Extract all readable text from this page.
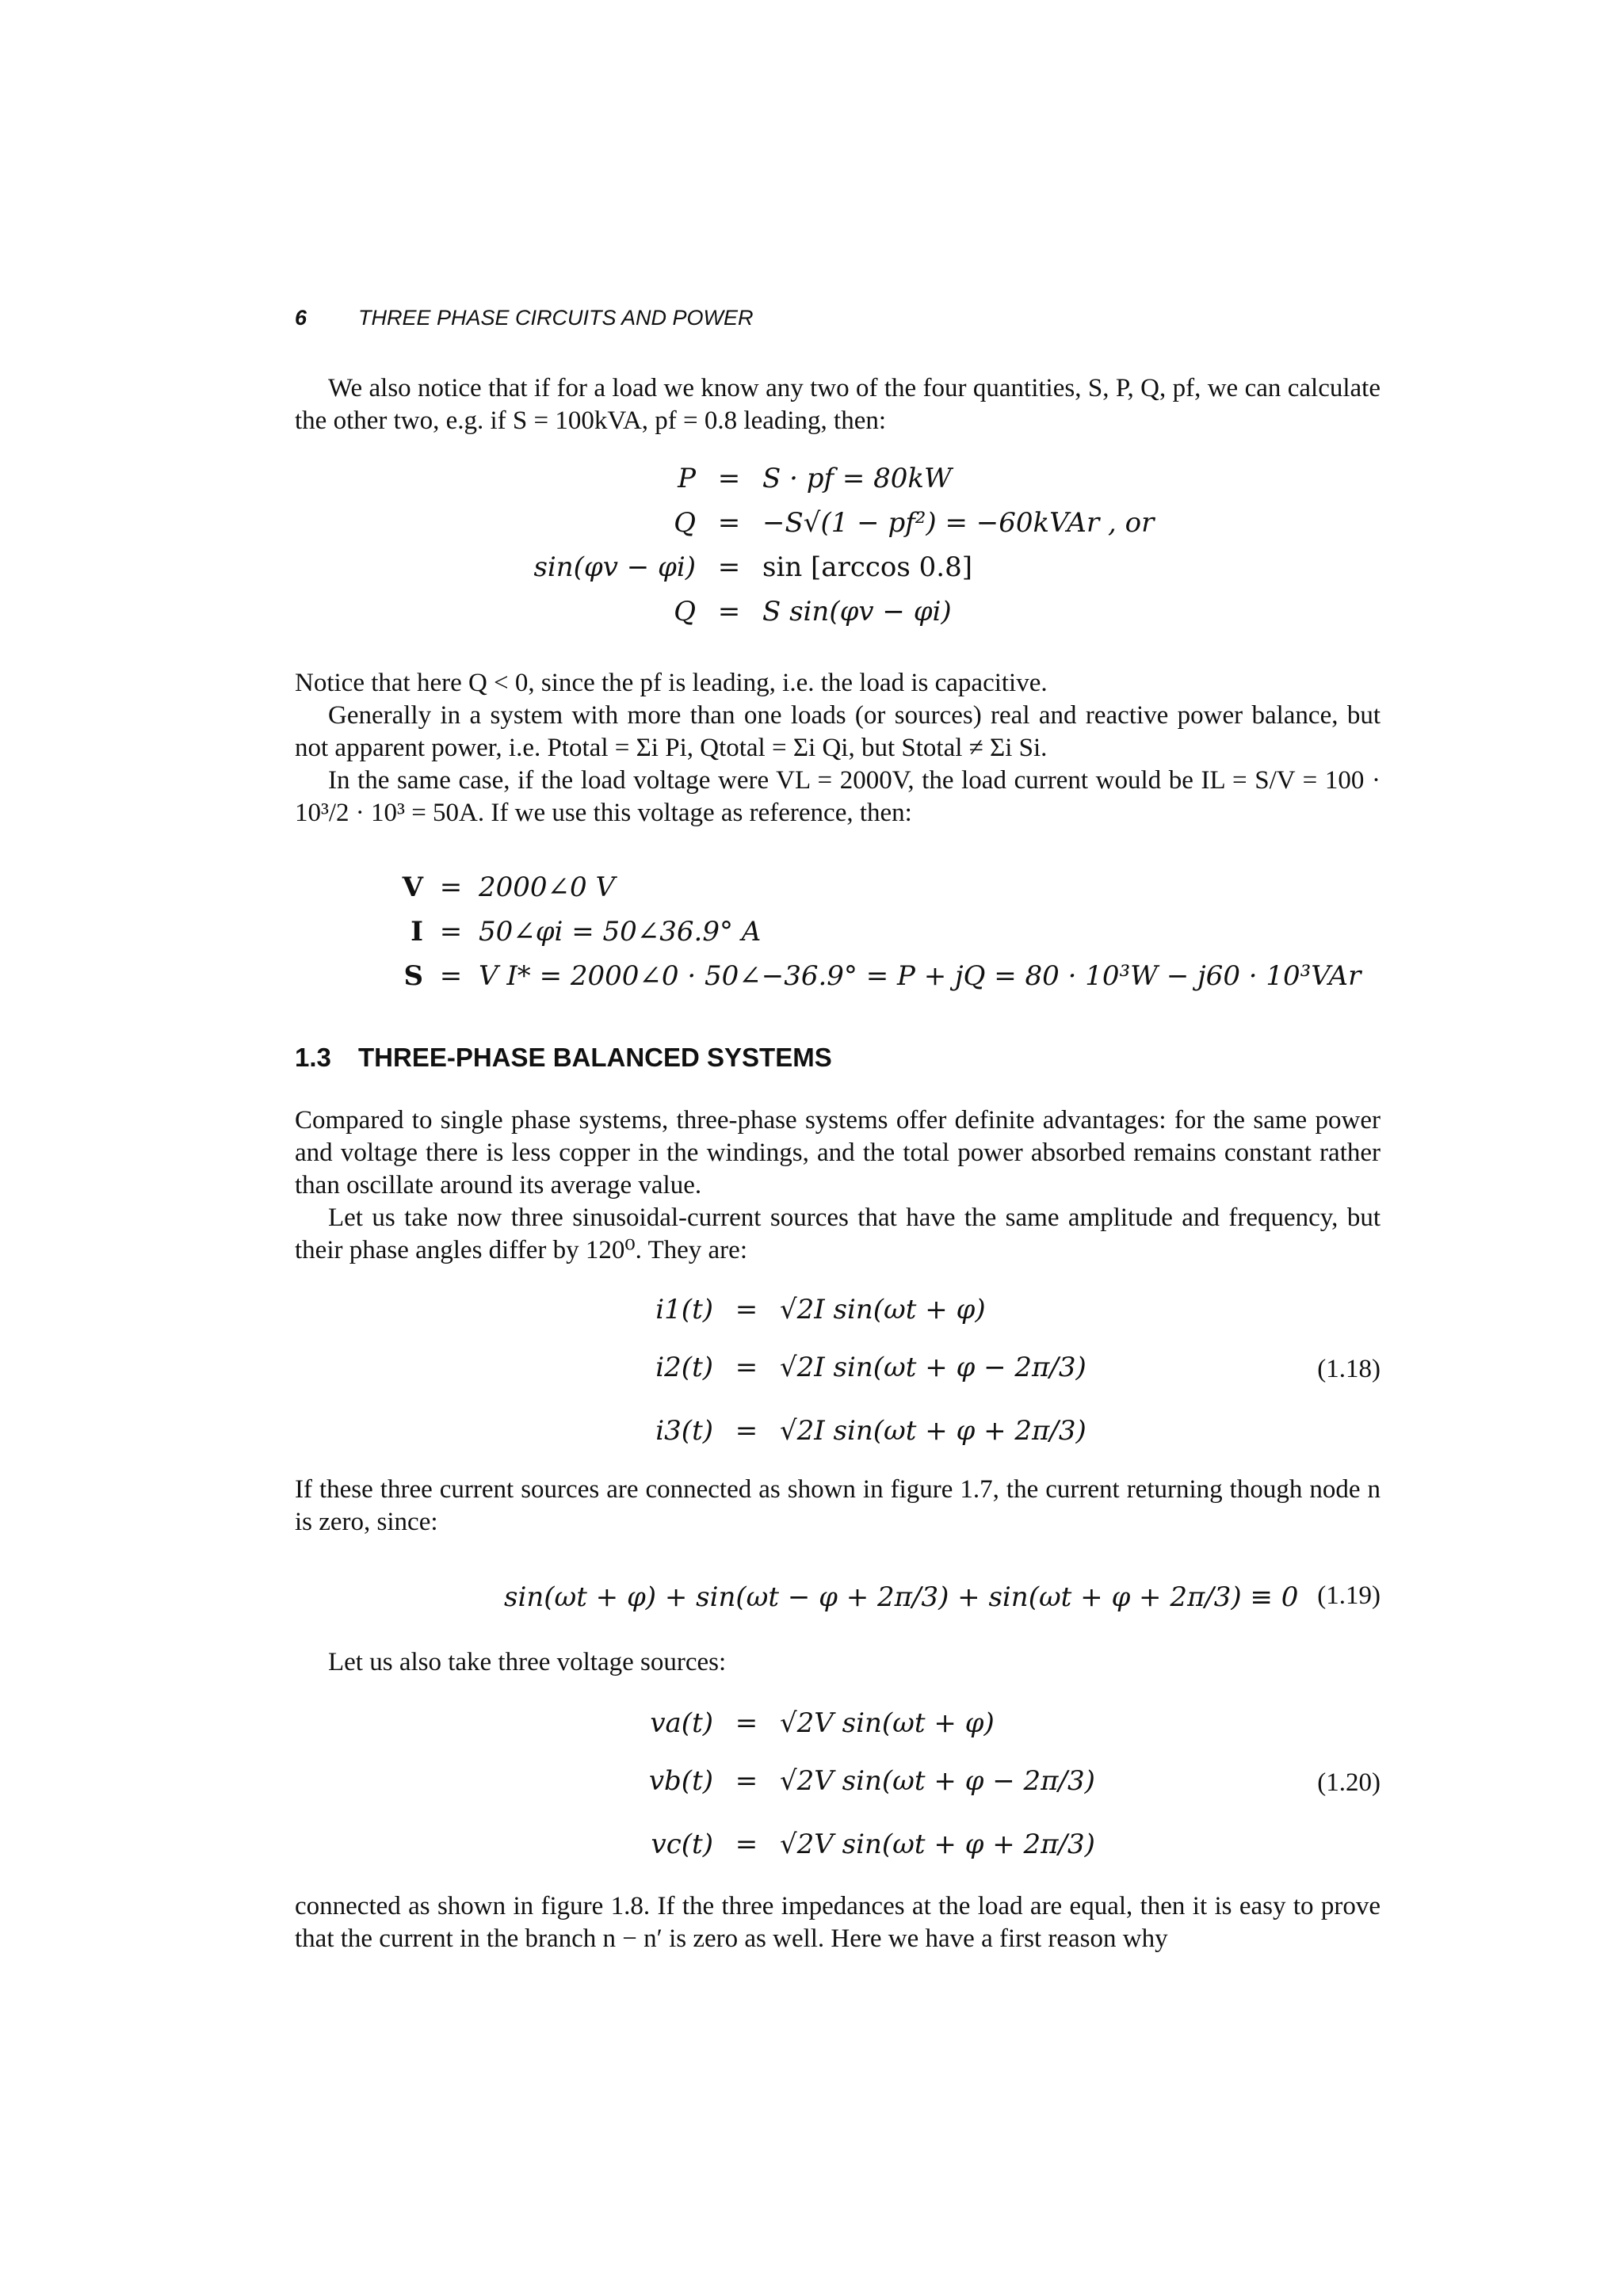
6 THREE PHASE CIRCUITS AND POWER
We also notice that if for a load we know any two of the four quantities, S, P, Q, pf, we can calculate the other two, e.g. if S = 100kVA, pf = 0.8 leading, then:
P	=	S · pf = 80kW
Q	=	−S√(1 − pf²) = −60kVAr , or
sin(φv − φi)	=	sin [arccos 0.8]
Q	=	S sin(φv − φi)
Notice that here Q < 0, since the pf is leading, i.e. the load is capacitive.
Generally in a system with more than one loads (or sources) real and reactive power balance, but not apparent power, i.e. Ptotal = Σi Pi, Qtotal = Σi Qi, but Stotal ≠ Σi Si.
In the same case, if the load voltage were VL = 2000V, the load current would be IL = S/V = 100 · 10³/2 · 10³ = 50A. If we use this voltage as reference, then:
V	=	2000∠0 V
I	=	50∠φi = 50∠36.9° A
S	=	V I* = 2000∠0 · 50∠−36.9° = P + jQ = 80 · 10³W − j60 · 10³VAr
1.3 THREE-PHASE BALANCED SYSTEMS
Compared to single phase systems, three-phase systems offer definite advantages: for the same power and voltage there is less copper in the windings, and the total power absorbed remains constant rather than oscillate around its average value.
Let us take now three sinusoidal-current sources that have the same amplitude and frequency, but their phase angles differ by 120⁰. They are:
i1(t)	=	√2I sin(ωt + φ)
i2(t)	=	√2I sin(ωt + φ − 2π/3)
i3(t)	=	√2I sin(ωt + φ + 2π/3)
(1.18)
If these three current sources are connected as shown in figure 1.7, the current returning though node n is zero, since:
sin(ωt + φ) + sin(ωt − φ + 2π/3) + sin(ωt + φ + 2π/3) ≡ 0 (1.19)
Let us also take three voltage sources:
va(t)	=	√2V sin(ωt + φ)
vb(t)	=	√2V sin(ωt + φ − 2π/3)
vc(t)	=	√2V sin(ωt + φ + 2π/3)
(1.20)
connected as shown in figure 1.8. If the three impedances at the load are equal, then it is easy to prove that the current in the branch n − n′ is zero as well. Here we have a first reason why
